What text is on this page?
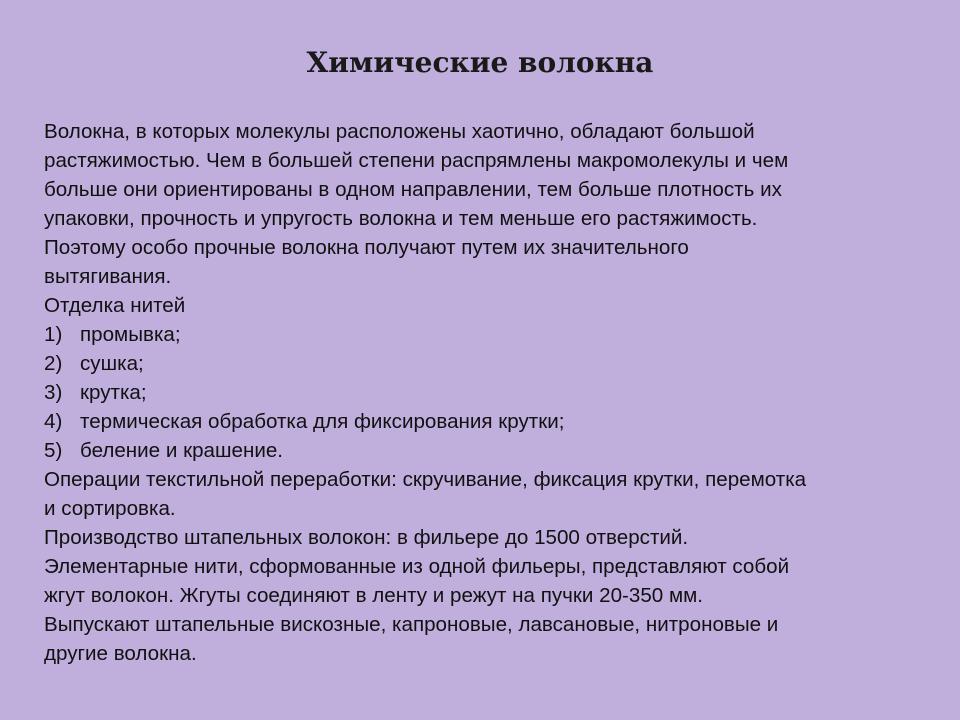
Химические волокна
Волокна, в которых молекулы расположены хаотично, обладают большой
растяжимостью. Чем в большей степени распрямлены макромолекулы и чем
больше они ориентированы в одном направлении, тем больше плотность их
упаковки, прочность и упругость волокна и тем меньше его растяжимость.
Поэтому особо прочные волокна получают путем их значительного
вытягивания.
Отделка нитей
1) промывка;
2) сушка;
3) крутка;
4) термическая обработка для фиксирования крутки;
5) беление и крашение.
Операции текстильной переработки: скручивание, фиксация крутки, перемотка
и сортировка.
Производство штапельных волокон: в фильере до 1500 отверстий.
Элементарные нити, сформованные из одной фильеры, представляют собой
жгут волокон. Жгуты соединяют в ленту и режут на пучки 20-350 мм.
Выпускают штапельные вискозные, капроновые, лавсановые, нитроновые и
другие волокна.
